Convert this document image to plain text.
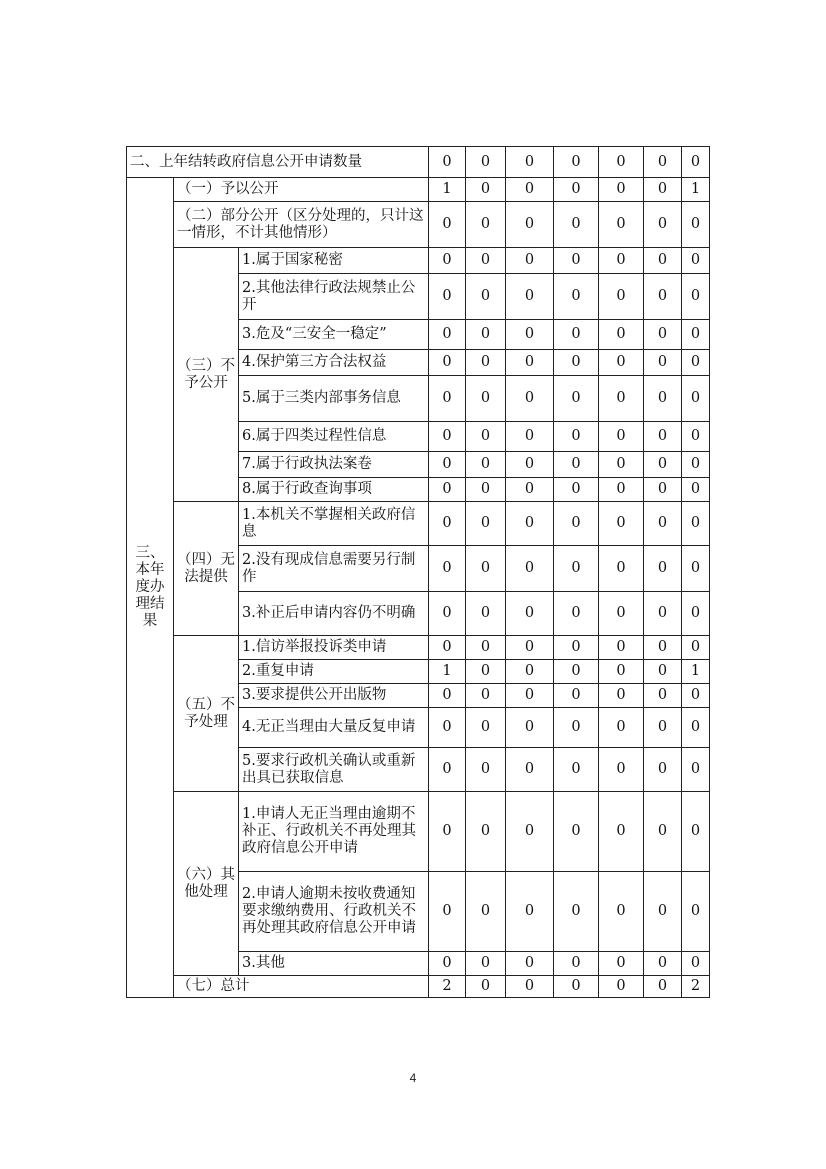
二、上年结转政府信息公开申请数量			0	0	0	0	0	0	0
三、本年度办理结果	（一）予以公开		1	0	0	0	0	0	1
	（二）部分公开（区分处理的，只计这一情形，不计其他情形）		0	0	0	0	0	0	0
	（三）不予公开	1.属于国家秘密	0	0	0	0	0	0	0
		2.其他法律行政法规禁止公开	0	0	0	0	0	0	0
		3.危及“三安全一稳定”	0	0	0	0	0	0	0
		4.保护第三方合法权益	0	0	0	0	0	0	0
		5.属于三类内部事务信息	0	0	0	0	0	0	0
		6.属于四类过程性信息	0	0	0	0	0	0	0
		7.属于行政执法案卷	0	0	0	0	0	0	0
		8.属于行政查询事项	0	0	0	0	0	0	0
	（四）无法提供	1.本机关不掌握相关政府信息	0	0	0	0	0	0	0
		2.没有现成信息需要另行制作	0	0	0	0	0	0	0
		3.补正后申请内容仍不明确	0	0	0	0	0	0	0
	（五）不予处理	1.信访举报投诉类申请	0	0	0	0	0	0	0
		2.重复申请	1	0	0	0	0	0	1
		3.要求提供公开出版物	0	0	0	0	0	0	0
		4.无正当理由大量反复申请	0	0	0	0	0	0	0
		5.要求行政机关确认或重新出具已获取信息	0	0	0	0	0	0	0
	（六）其他处理	1.申请人无正当理由逾期不补正、行政机关不再处理其政府信息公开申请	0	0	0	0	0	0	0
		2.申请人逾期未按收费通知要求缴纳费用、行政机关不再处理其政府信息公开申请	0	0	0	0	0	0	0
		3.其他	0	0	0	0	0	0	0
	（七）总计		2	0	0	0	0	0	2
4
